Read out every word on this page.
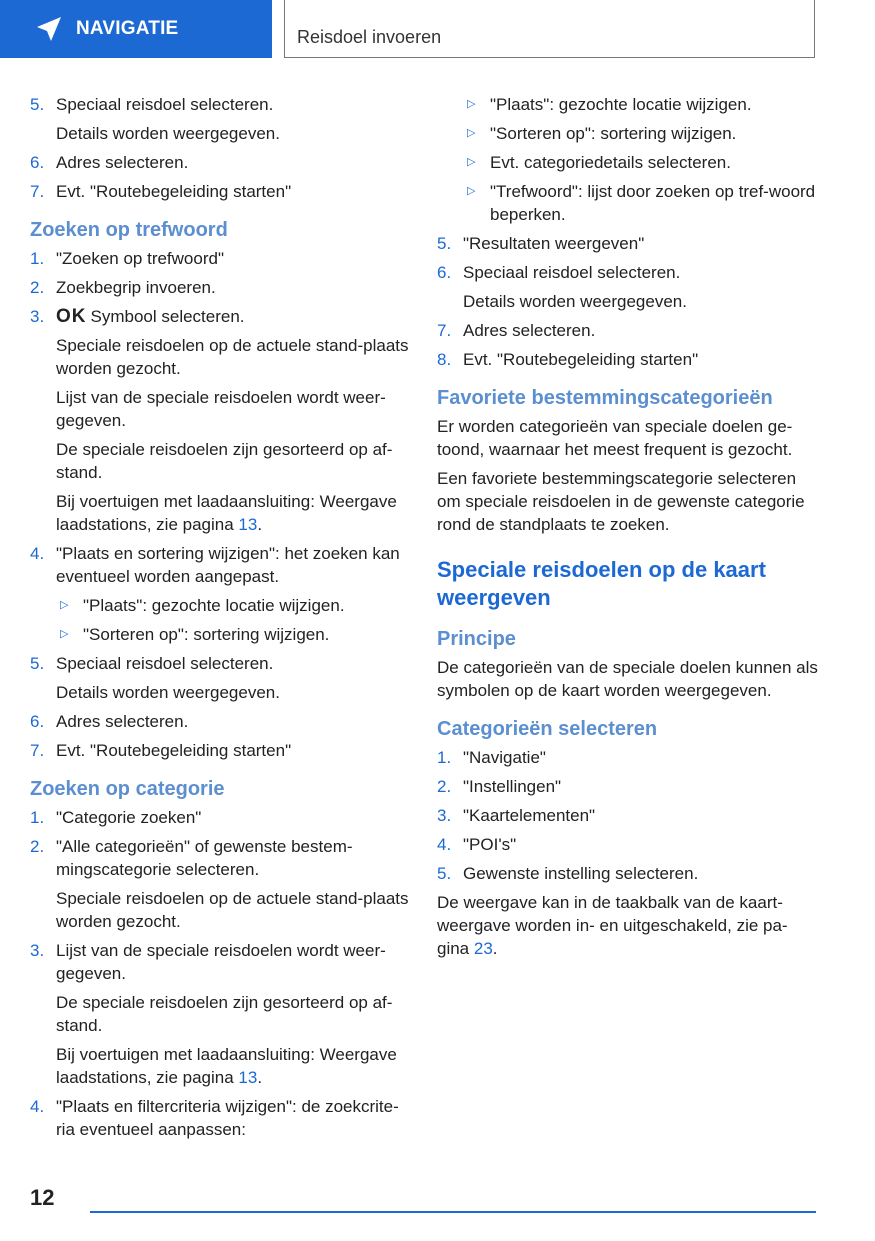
NAVIGATIE	Reisdoel invoeren
5. Speciaal reisdoel selecteren.
Details worden weergegeven.
6. Adres selecteren.
7. Evt. "Routebegeleiding starten"
Zoeken op trefwoord
1. "Zoeken op trefwoord"
2. Zoekbegrip invoeren.
3. OK Symbool selecteren.
Speciale reisdoelen op de actuele stand-plaats worden gezocht.
Lijst van de speciale reisdoelen wordt weer-gegeven.
De speciale reisdoelen zijn gesorteerd op af-stand.
Bij voertuigen met laadaansluiting: Weergave laadstations, zie pagina 13.
4. "Plaats en sortering wijzigen": het zoeken kan eventueel worden aangepast.
▷ "Plaats": gezochte locatie wijzigen.
▷ "Sorteren op": sortering wijzigen.
5. Speciaal reisdoel selecteren.
Details worden weergegeven.
6. Adres selecteren.
7. Evt. "Routebegeleiding starten"
Zoeken op categorie
1. "Categorie zoeken"
2. "Alle categorieën" of gewenste bestem-mingscategorie selecteren.
Speciale reisdoelen op de actuele stand-plaats worden gezocht.
3. Lijst van de speciale reisdoelen wordt weer-gegeven.
De speciale reisdoelen zijn gesorteerd op af-stand.
Bij voertuigen met laadaansluiting: Weergave laadstations, zie pagina 13.
4. "Plaats en filtercriteria wijzigen": de zoekcrite-ria eventueel aanpassen:
▷ "Plaats": gezochte locatie wijzigen.
▷ "Sorteren op": sortering wijzigen.
▷ Evt. categoriedetails selecteren.
▷ "Trefwoord": lijst door zoeken op tref-woord beperken.
5. "Resultaten weergeven"
6. Speciaal reisdoel selecteren.
Details worden weergegeven.
7. Adres selecteren.
8. Evt. "Routebegeleiding starten"
Favoriete bestemmingscategorieën
Er worden categorieën van speciale doelen ge-toond, waarnaar het meest frequent is gezocht.
Een favoriete bestemmingscategorie selecteren om speciale reisdoelen in de gewenste categorie rond de standplaats te zoeken.
Speciale reisdoelen op de kaart weergeven
Principe
De categorieën van de speciale doelen kunnen als symbolen op de kaart worden weergegeven.
Categorieën selecteren
1. "Navigatie"
2. "Instellingen"
3. "Kaartelementen"
4. "POI's"
5. Gewenste instelling selecteren.
De weergave kan in de taakbalk van de kaart-weergave worden in- en uitgeschakeld, zie pa-gina 23.
12
